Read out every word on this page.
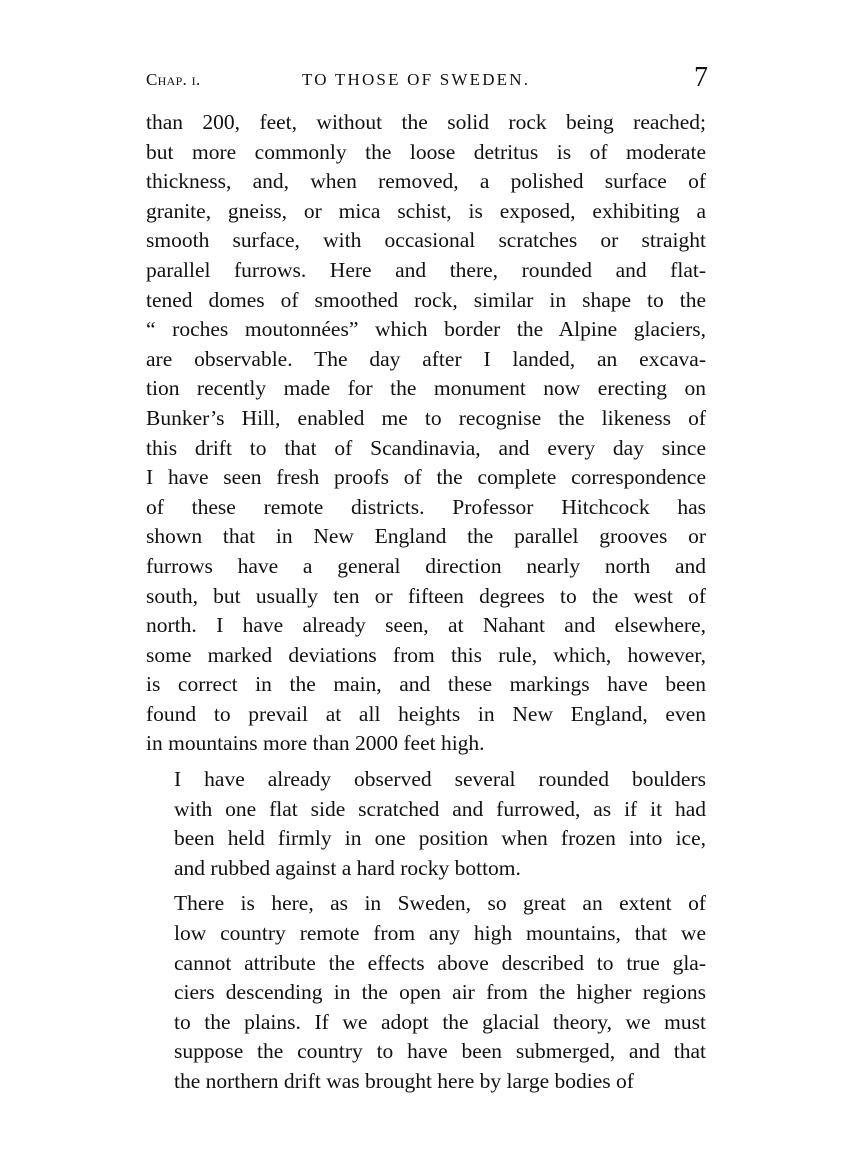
Chap. i.	TO THOSE OF SWEDEN.	7

than 200, feet, without the solid rock being reached;
but more commonly the loose detritus is of moderate
thickness, and, when removed, a polished surface of
granite, gneiss, or mica schist, is exposed, exhibiting a
smooth surface, with occasional scratches or straight
parallel furrows. Here and there, rounded and flat-
tened domes of smoothed rock, similar in shape to the
“ roches moutonnées” which border the Alpine glaciers,
are observable. The day after I landed, an excava-
tion recently made for the monument now erecting on
Bunker’s Hill, enabled me to recognise the likeness of
this drift to that of Scandinavia, and every day since
I have seen fresh proofs of the complete correspondence
of these remote districts. Professor Hitchcock has
shown that in New England the parallel grooves or
furrows have a general direction nearly north and
south, but usually ten or fifteen degrees to the west of
north. I have already seen, at Nahant and elsewhere,
some marked deviations from this rule, which, however,
is correct in the main, and these markings have been
found to prevail at all heights in New England, even
in mountains more than 2000 feet high.

I have already observed several rounded boulders
with one flat side scratched and furrowed, as if it had
been held firmly in one position when frozen into ice,
and rubbed against a hard rocky bottom.

There is here, as in Sweden, so great an extent of
low country remote from any high mountains, that we
cannot attribute the effects above described to true gla-
ciers descending in the open air from the higher regions
to the plains. If we adopt the glacial theory, we must
suppose the country to have been submerged, and that
the northern drift was brought here by large bodies of
